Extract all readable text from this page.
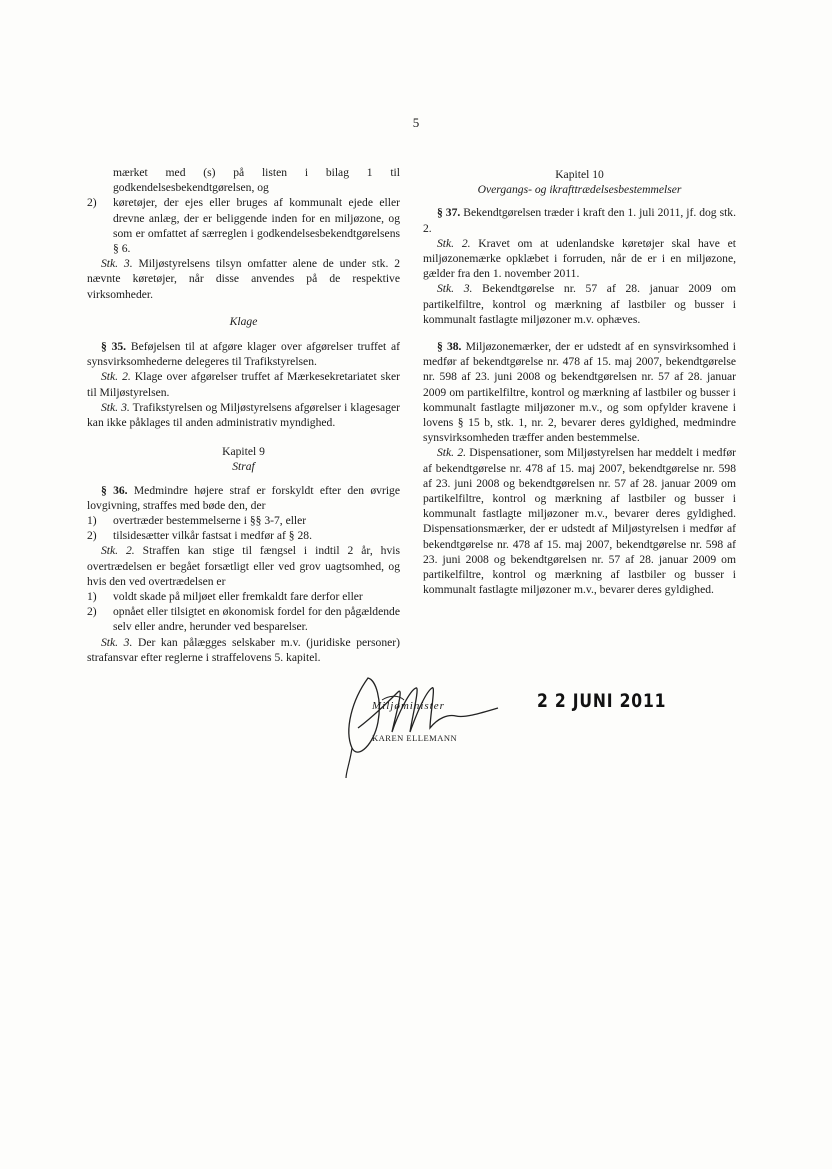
5

mærket med (s) på listen i bilag 1 til godkendelsesbekendtgørelsen, og

2)	køretøjer, der ejes eller bruges af kommunalt ejede eller drevne anlæg, der er beliggende inden for en miljøzone, og som er omfattet af særreglen i godkendelsesbekendtgørelsens § 6.

Stk. 3. Miljøstyrelsens tilsyn omfatter alene de under stk. 2 nævnte køretøjer, når disse anvendes på de respektive virksomheder.

Klage

§ 35. Beføjelsen til at afgøre klager over afgørelser truffet af synsvirksomhederne delegeres til Trafikstyrelsen.

Stk. 2. Klage over afgørelser truffet af Mærkesekretariatet sker til Miljøstyrelsen.

Stk. 3. Trafikstyrelsen og Miljøstyrelsens afgørelser i klagesager kan ikke påklages til anden administrativ myndighed.

Kapitel 9
Straf

§ 36. Medmindre højere straf er forskyldt efter den øvrige lovgivning, straffes med bøde den, der

1)	overtræder bestemmelserne i §§ 3-7, eller
2)	tilsidesætter vilkår fastsat i medfør af § 28.

Stk. 2. Straffen kan stige til fængsel i indtil 2 år, hvis overtrædelsen er begået forsætligt eller ved grov uagtsomhed, og hvis den ved overtrædelsen er

1)	voldt skade på miljøet eller fremkaldt fare derfor eller
2)	opnået eller tilsigtet en økonomisk fordel for den pågældende selv eller andre, herunder ved besparelser.

Stk. 3. Der kan pålægges selskaber m.v. (juridiske personer) strafansvar efter reglerne i straffelovens 5. kapitel.

Kapitel 10
Overgangs- og ikrafttrædelsesbestemmelser

§ 37. Bekendtgørelsen træder i kraft den 1. juli 2011, jf. dog stk. 2.

Stk. 2. Kravet om at udenlandske køretøjer skal have et miljøzonemærke opklæbet i forruden, når de er i en miljøzone, gælder fra den 1. november 2011.

Stk. 3. Bekendtgørelse nr. 57 af 28. januar 2009 om partikelfiltre, kontrol og mærkning af lastbiler og busser i kommunalt fastlagte miljøzoner m.v. ophæves.

§ 38. Miljøzonemærker, der er udstedt af en synsvirksomhed i medfør af bekendtgørelse nr. 478 af 15. maj 2007, bekendtgørelse nr. 598 af 23. juni 2008 og bekendtgørelsen nr. 57 af 28. januar 2009 om partikelfiltre, kontrol og mærkning af lastbiler og busser i kommunalt fastlagte miljøzoner m.v., og som opfylder kravene i lovens § 15 b, stk. 1, nr. 2, bevarer deres gyldighed, medmindre synsvirksomheden træffer anden bestemmelse.

Stk. 2. Dispensationer, som Miljøstyrelsen har meddelt i medfør af bekendtgørelse nr. 478 af 15. maj 2007, bekendtgørelse nr. 598 af 23. juni 2008 og bekendtgørelsen nr. 57 af 28. januar 2009 om partikelfiltre, kontrol og mærkning af lastbiler og busser i kommunalt fastlagte miljøzoner m.v., bevarer deres gyldighed. Dispensationsmærker, der er udstedt af Miljøstyrelsen i medfør af bekendtgørelse nr. 478 af 15. maj 2007, bekendtgørelse nr. 598 af 23. juni 2008 og bekendtgørelsen nr. 57 af 28. januar 2009 om partikelfiltre, kontrol og mærkning af lastbiler og busser i kommunalt fastlagte miljøzoner m.v., bevarer deres gyldighed.

Miljøminister
KAREN ELLEMANN
2 2 JUNI 2011
